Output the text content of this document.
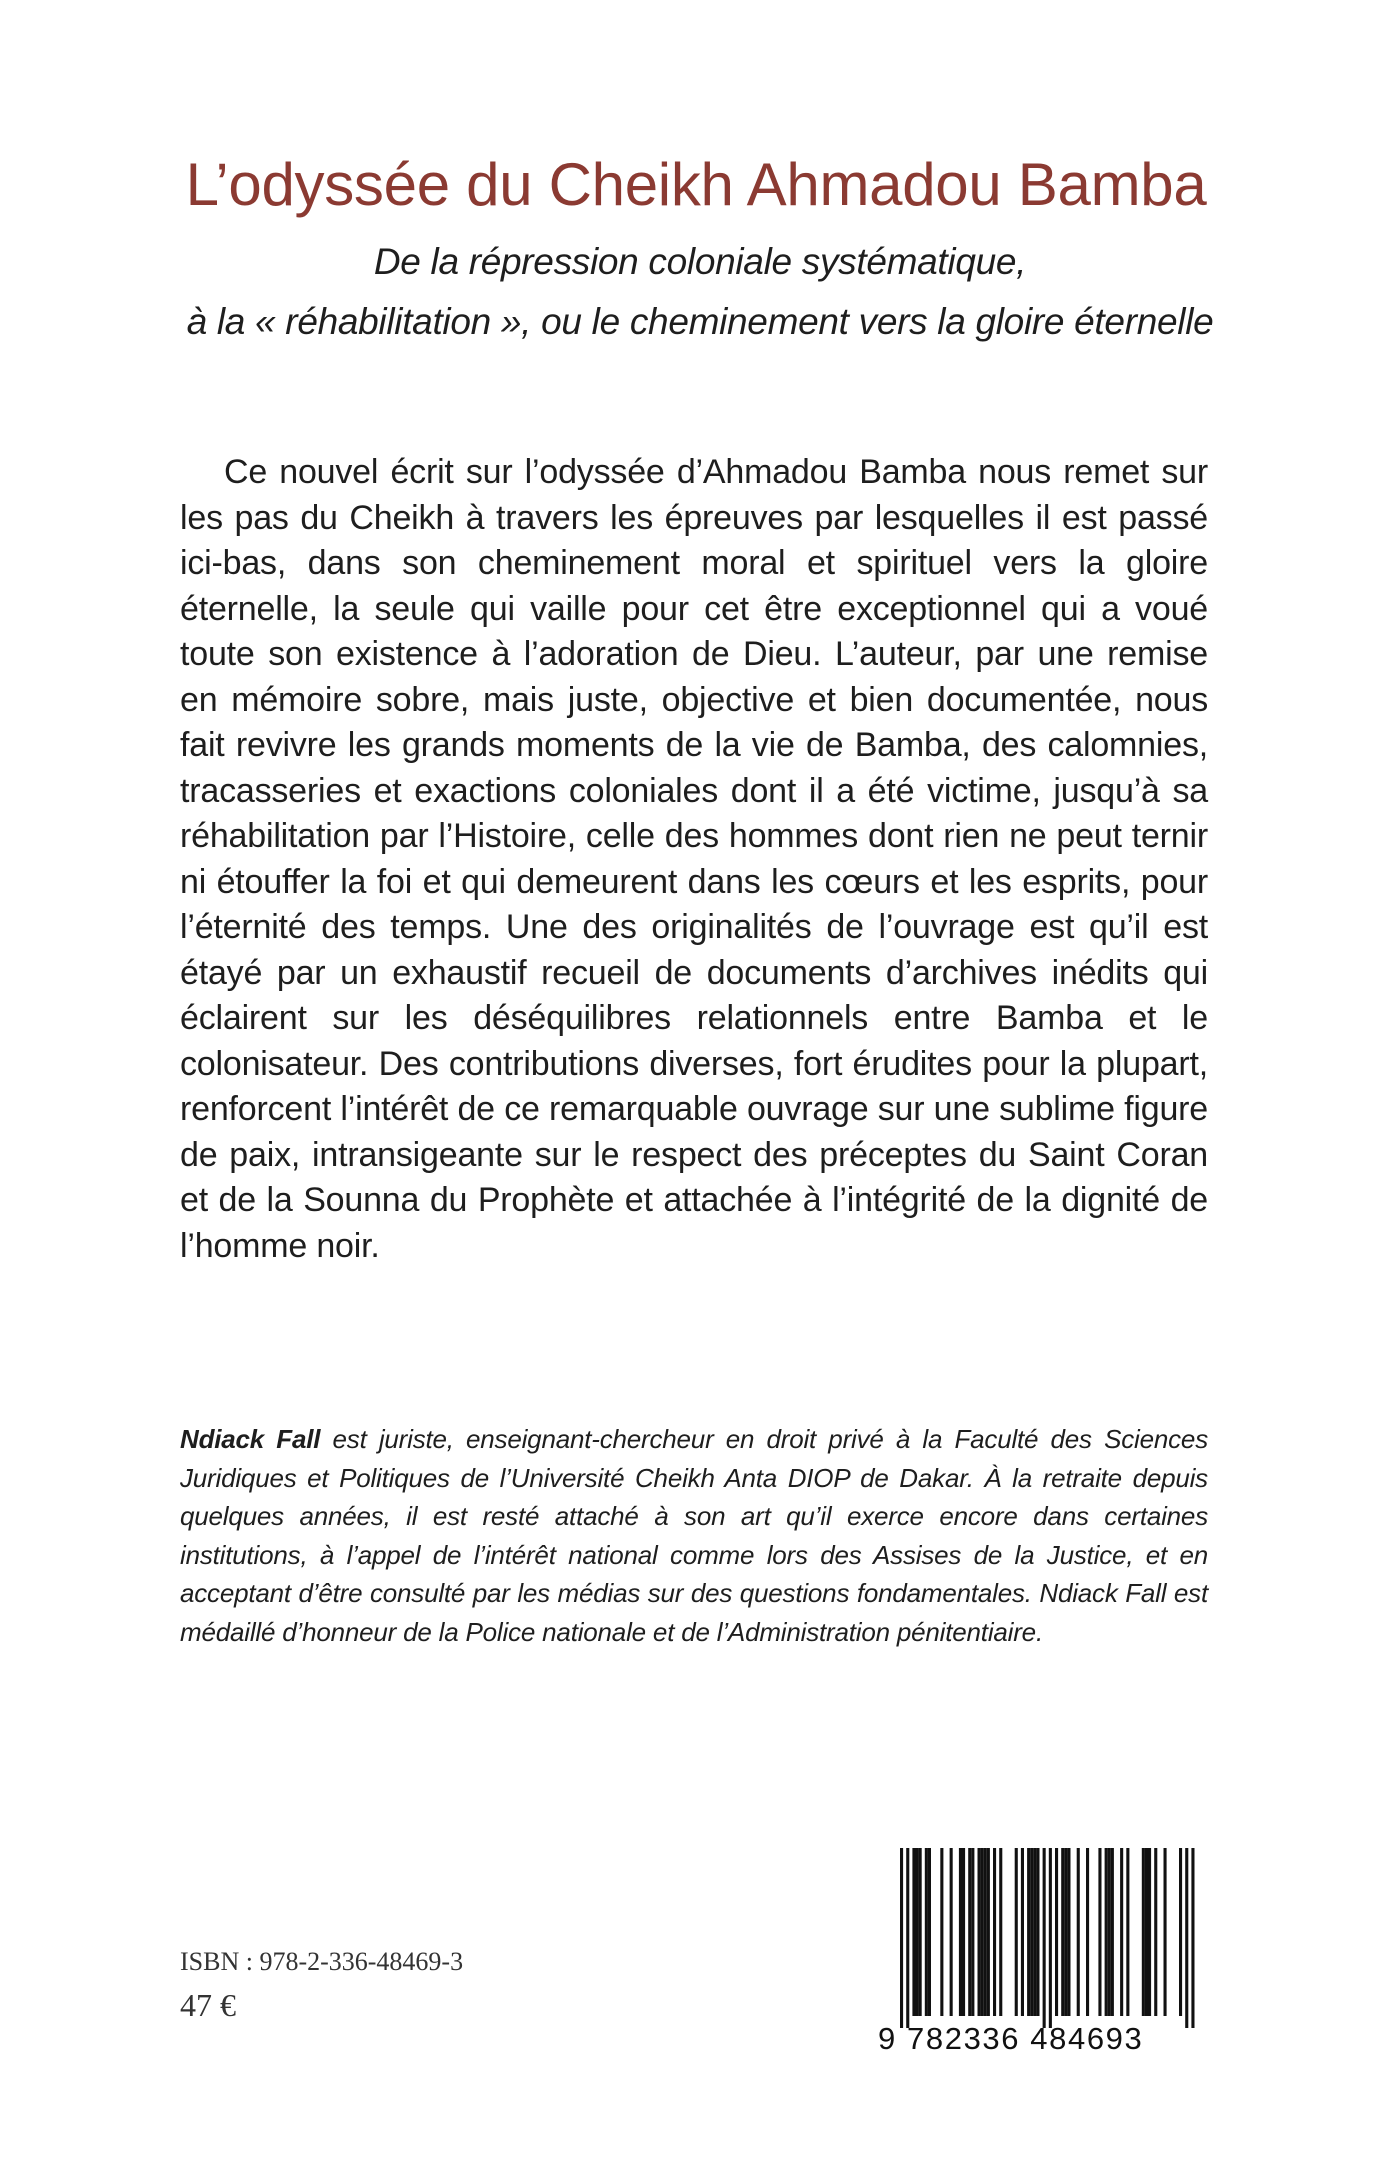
L’odyssée du Cheikh Ahmadou Bamba
De la répression coloniale systématique,
à la « réhabilitation », ou le cheminement vers la gloire éternelle

Ce nouvel écrit sur l’odyssée d’Ahmadou Bamba nous remet sur les pas du Cheikh à travers les épreuves par lesquelles il est passé ici-bas, dans son cheminement moral et spirituel vers la gloire éternelle, la seule qui vaille pour cet être exceptionnel qui a voué toute son existence à l’adoration de Dieu. L’auteur, par une remise en mémoire sobre, mais juste, objective et bien documentée, nous fait revivre les grands moments de la vie de Bamba, des calomnies, tracasseries et exactions coloniales dont il a été victime, jusqu’à sa réhabilitation par l’Histoire, celle des hommes dont rien ne peut ternir ni étouffer la foi et qui demeurent dans les cœurs et les esprits, pour l’éternité des temps. Une des originalités de l’ouvrage est qu’il est étayé par un exhaustif recueil de documents d’archives inédits qui éclairent sur les déséquilibres relationnels entre Bamba et le colonisateur. Des contributions diverses, fort érudites pour la plupart, renforcent l’intérêt de ce remarquable ouvrage sur une sublime figure de paix, intransigeante sur le respect des préceptes du Saint Coran et de la Sounna du Prophète et attachée à l’intégrité de la dignité de l’homme noir.

Ndiack Fall est juriste, enseignant-chercheur en droit privé à la Faculté des Sciences Juridiques et Politiques de l’Université Cheikh Anta DIOP de Dakar. À la retraite depuis quelques années, il est resté attaché à son art qu’il exerce encore dans certaines institutions, à l’appel de l’intérêt national comme lors des Assises de la Justice, et en acceptant d’être consulté par les médias sur des questions fondamentales. Ndiack Fall est médaillé d’honneur de la Police nationale et de l’Administration pénitentiaire.

ISBN : 978-2-336-48469-3
47 €
9 782336 484693
